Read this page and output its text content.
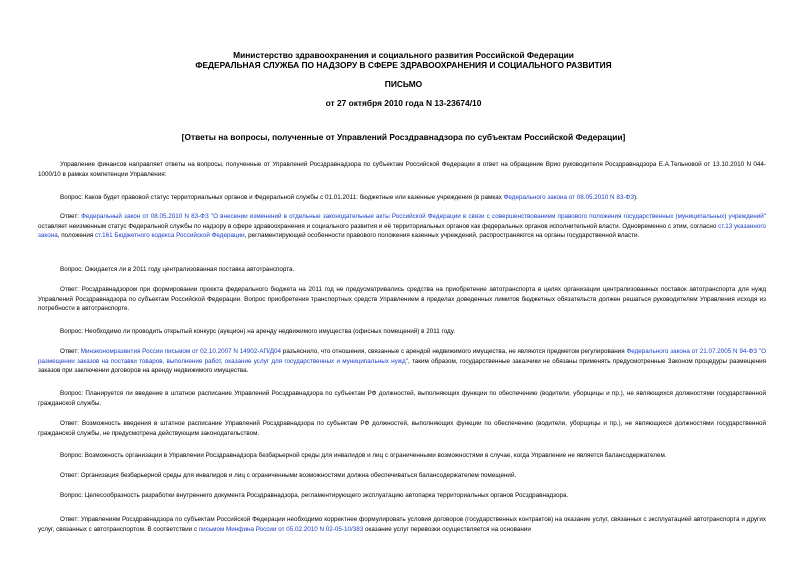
Министерство здравоохранения и социального развития Российской Федерации
ФЕДЕРАЛЬНАЯ СЛУЖБА ПО НАДЗОРУ В СФЕРЕ ЗДРАВООХРАНЕНИЯ И СОЦИАЛЬНОГО РАЗВИТИЯ
ПИСЬМО
от 27 октября 2010 года N 13-23674/10
[Ответы на вопросы, полученные от Управлений Росздравнадзора по субъектам Российской Федерации]

Управление финансов направляет ответы на вопросы, полученные от Управлений Росздравнадзора по субъектам Российской Федерации в ответ на обращение Врио руководителя Росздравнадзора Е.А.Тельновой от 13.10.2010 N 044-1000/10 в рамках компетенции Управления:

Вопрос: Каков будет правовой статус территориальных органов и Федеральной службы с 01.01.2011: бюджетные или казенные учреждения (в рамках Федерального закона от 08.05.2010 N 83-ФЗ).

Ответ: Федеральный закон от 08.05.2010 N 83-ФЗ "О внесении изменений в отдельные законодательные акты Российской Федерации в связи с совершенствованием правового положения государственных (муниципальных) учреждений" оставляет неизменным статус Федеральной службы по надзору в сфере здравоохранения и социального развития и её территориальных органов как федеральных органов исполнительной власти. Одновременно с этим, согласно ст.13 указанного закона, положения ст.161 Бюджетного кодекса Российской Федерации, регламентирующей особенности правового положения казенных учреждений, распространяются на органы государственной власти.

Вопрос: Ожидается ли в 2011 году централизованная поставка автотранспорта.

Ответ: Росздравнадзором при формировании проекта федерального бюджета на 2011 год не предусматривались средства на приобретение автотранспорта в целях организации централизованных поставок автотранспорта для нужд Управлений Росздравнадзора по субъектам Российской Федерации. Вопрос приобретения транспортных средств Управлением в пределах доведенных лимитов бюджетных обязательств должен решаться руководителем Управления исходя из потребности в автотранспорте.

Вопрос: Необходимо ли проводить открытый конкурс (аукцион) на аренду недвижимого имущества (офисных помещений) в 2011 году.

Ответ: Минэкономразвития России письмом от 02.10.2007 N 14902-АП/Д04 разъяснило, что отношения, связанные с арендой недвижимого имущества, не являются предметом регулирования Федерального закона от 21.07.2005 N 94-ФЗ "О размещении заказов на поставки товаров, выполнение работ, оказание услуг для государственных и муниципальных нужд", таким образом, государственные заказчики не обязаны применять предусмотренные Законом процедуры размещения заказов при заключении договоров на аренду недвижимого имущества.

Вопрос: Планируется ли введение в штатное расписание Управлений Росздравнадзора по субъектам РФ должностей, выполняющих функции по обеспечению (водители, уборщицы и пр.), не являющихся должностями государственной гражданской службы.

Ответ: Возможность введения в штатное расписание Управлений Росздравнадзора по субъектам РФ должностей, выполняющих функции по обеспечению (водители, уборщицы и пр.), не являющихся должностями государственной гражданской службы, не предусмотрена действующим законодательством.

Вопрос: Возможность организации в Управлении Росздравнадзора безбарьерной среды для инвалидов и лиц с ограниченными возможностями в случае, когда Управление не является балансодержателем.

Ответ: Организация безбарьерной среды для инвалидов и лиц с ограниченными возможностями должна обеспечиваться балансодержателем помещений.

Вопрос: Целесообразность разработки внутреннего документа Росздравнадзора, регламентирующего эксплуатацию автопарка территориальных органов Росздравнадзора.

Ответ: Управлениям Росздравнадзора по субъектам Российской Федерации необходимо корректнее формулировать условия договоров (государственных контрактов) на оказание услуг, связанных с эксплуатацией автотранспорта и других услуг, связанных с автотранспортом. В соответствии с письмом Минфина России от 05.02.2010 N 02-05-10/383 оказание услуг перевозки осуществляется на основании
